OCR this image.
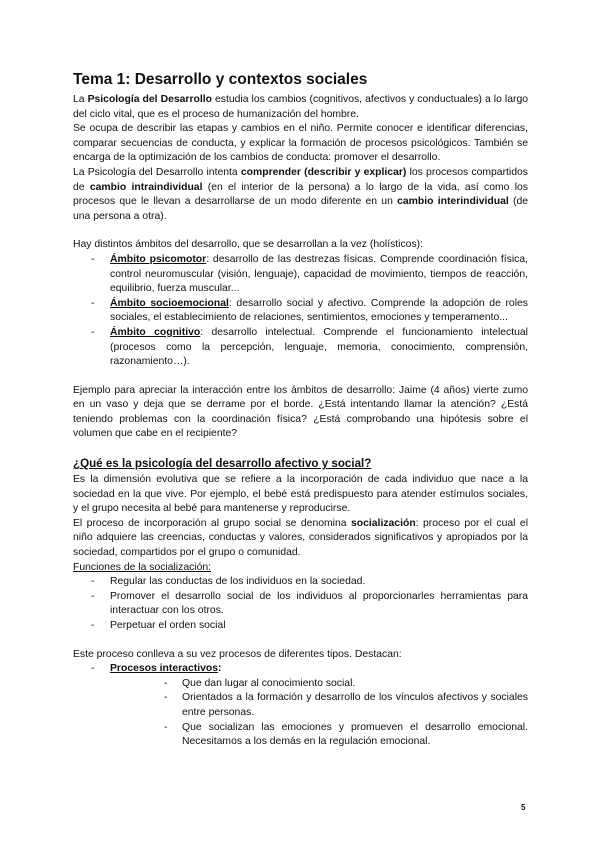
Tema 1: Desarrollo y contextos sociales

La Psicología del Desarrollo estudia los cambios (cognitivos, afectivos y conductuales) a lo largo del ciclo vital, que es el proceso de humanización del hombre.

Se ocupa de describir las etapas y cambios en el niño. Permite conocer e identificar diferencias, comparar secuencias de conducta, y explicar la formación de procesos psicológicos. También se encarga de la optimización de los cambios de conducta: promover el desarrollo.

La Psicología del Desarrollo intenta comprender (describir y explicar) los procesos compartidos de cambio intraindividual (en el interior de la persona) a lo largo de la vida, así como los procesos que le llevan a desarrollarse de un modo diferente en un cambio interindividual (de una persona a otra).

Hay distintos ámbitos del desarrollo, que se desarrollan a la vez (holísticos):

- Ámbito psicomotor: desarrollo de las destrezas físicas. Comprende coordinación física, control neuromuscular (visión, lenguaje), capacidad de movimiento, tiempos de reacción, equilibrio, fuerza muscular...
- Ámbito socioemocional: desarrollo social y afectivo. Comprende la adopción de roles sociales, el establecimiento de relaciones, sentimientos, emociones y temperamento...
- Ámbito cognitivo: desarrollo intelectual. Comprende el funcionamiento intelectual (procesos como la percepción, lenguaje, memoria, conocimiento, comprensión, razonamiento…).

Ejemplo para apreciar la interacción entre los ámbitos de desarrollo: Jaime (4 años) vierte zumo en un vaso y deja que se derrame por el borde. ¿Está intentando llamar la atención? ¿Está teniendo problemas con la coordinación física? ¿Está comprobando una hipótesis sobre el volumen que cabe en el recipiente?

¿Qué es la psicología del desarrollo afectivo y social?

Es la dimensión evolutiva que se refiere a la incorporación de cada individuo que nace a la sociedad en la que vive. Por ejemplo, el bebé está predispuesto para atender estímulos sociales, y el grupo necesita al bebé para mantenerse y reproducirse.

El proceso de incorporación al grupo social se denomina socialización: proceso por el cual el niño adquiere las creencias, conductas y valores, considerados significativos y apropiados por la sociedad, compartidos por el grupo o comunidad.

Funciones de la socialización:

- Regular las conductas de los individuos en la sociedad.
- Promover el desarrollo social de los individuos al proporcionarles herramientas para interactuar con los otros.
- Perpetuar el orden social

Este proceso conlleva a su vez procesos de diferentes tipos. Destacan:

- Procesos interactivos:
- Que dan lugar al conocimiento social.
- Orientados a la formación y desarrollo de los vínculos afectivos y sociales entre personas.
- Que socializan las emociones y promueven el desarrollo emocional. Necesitamos a los demás en la regulación emocional.
5
